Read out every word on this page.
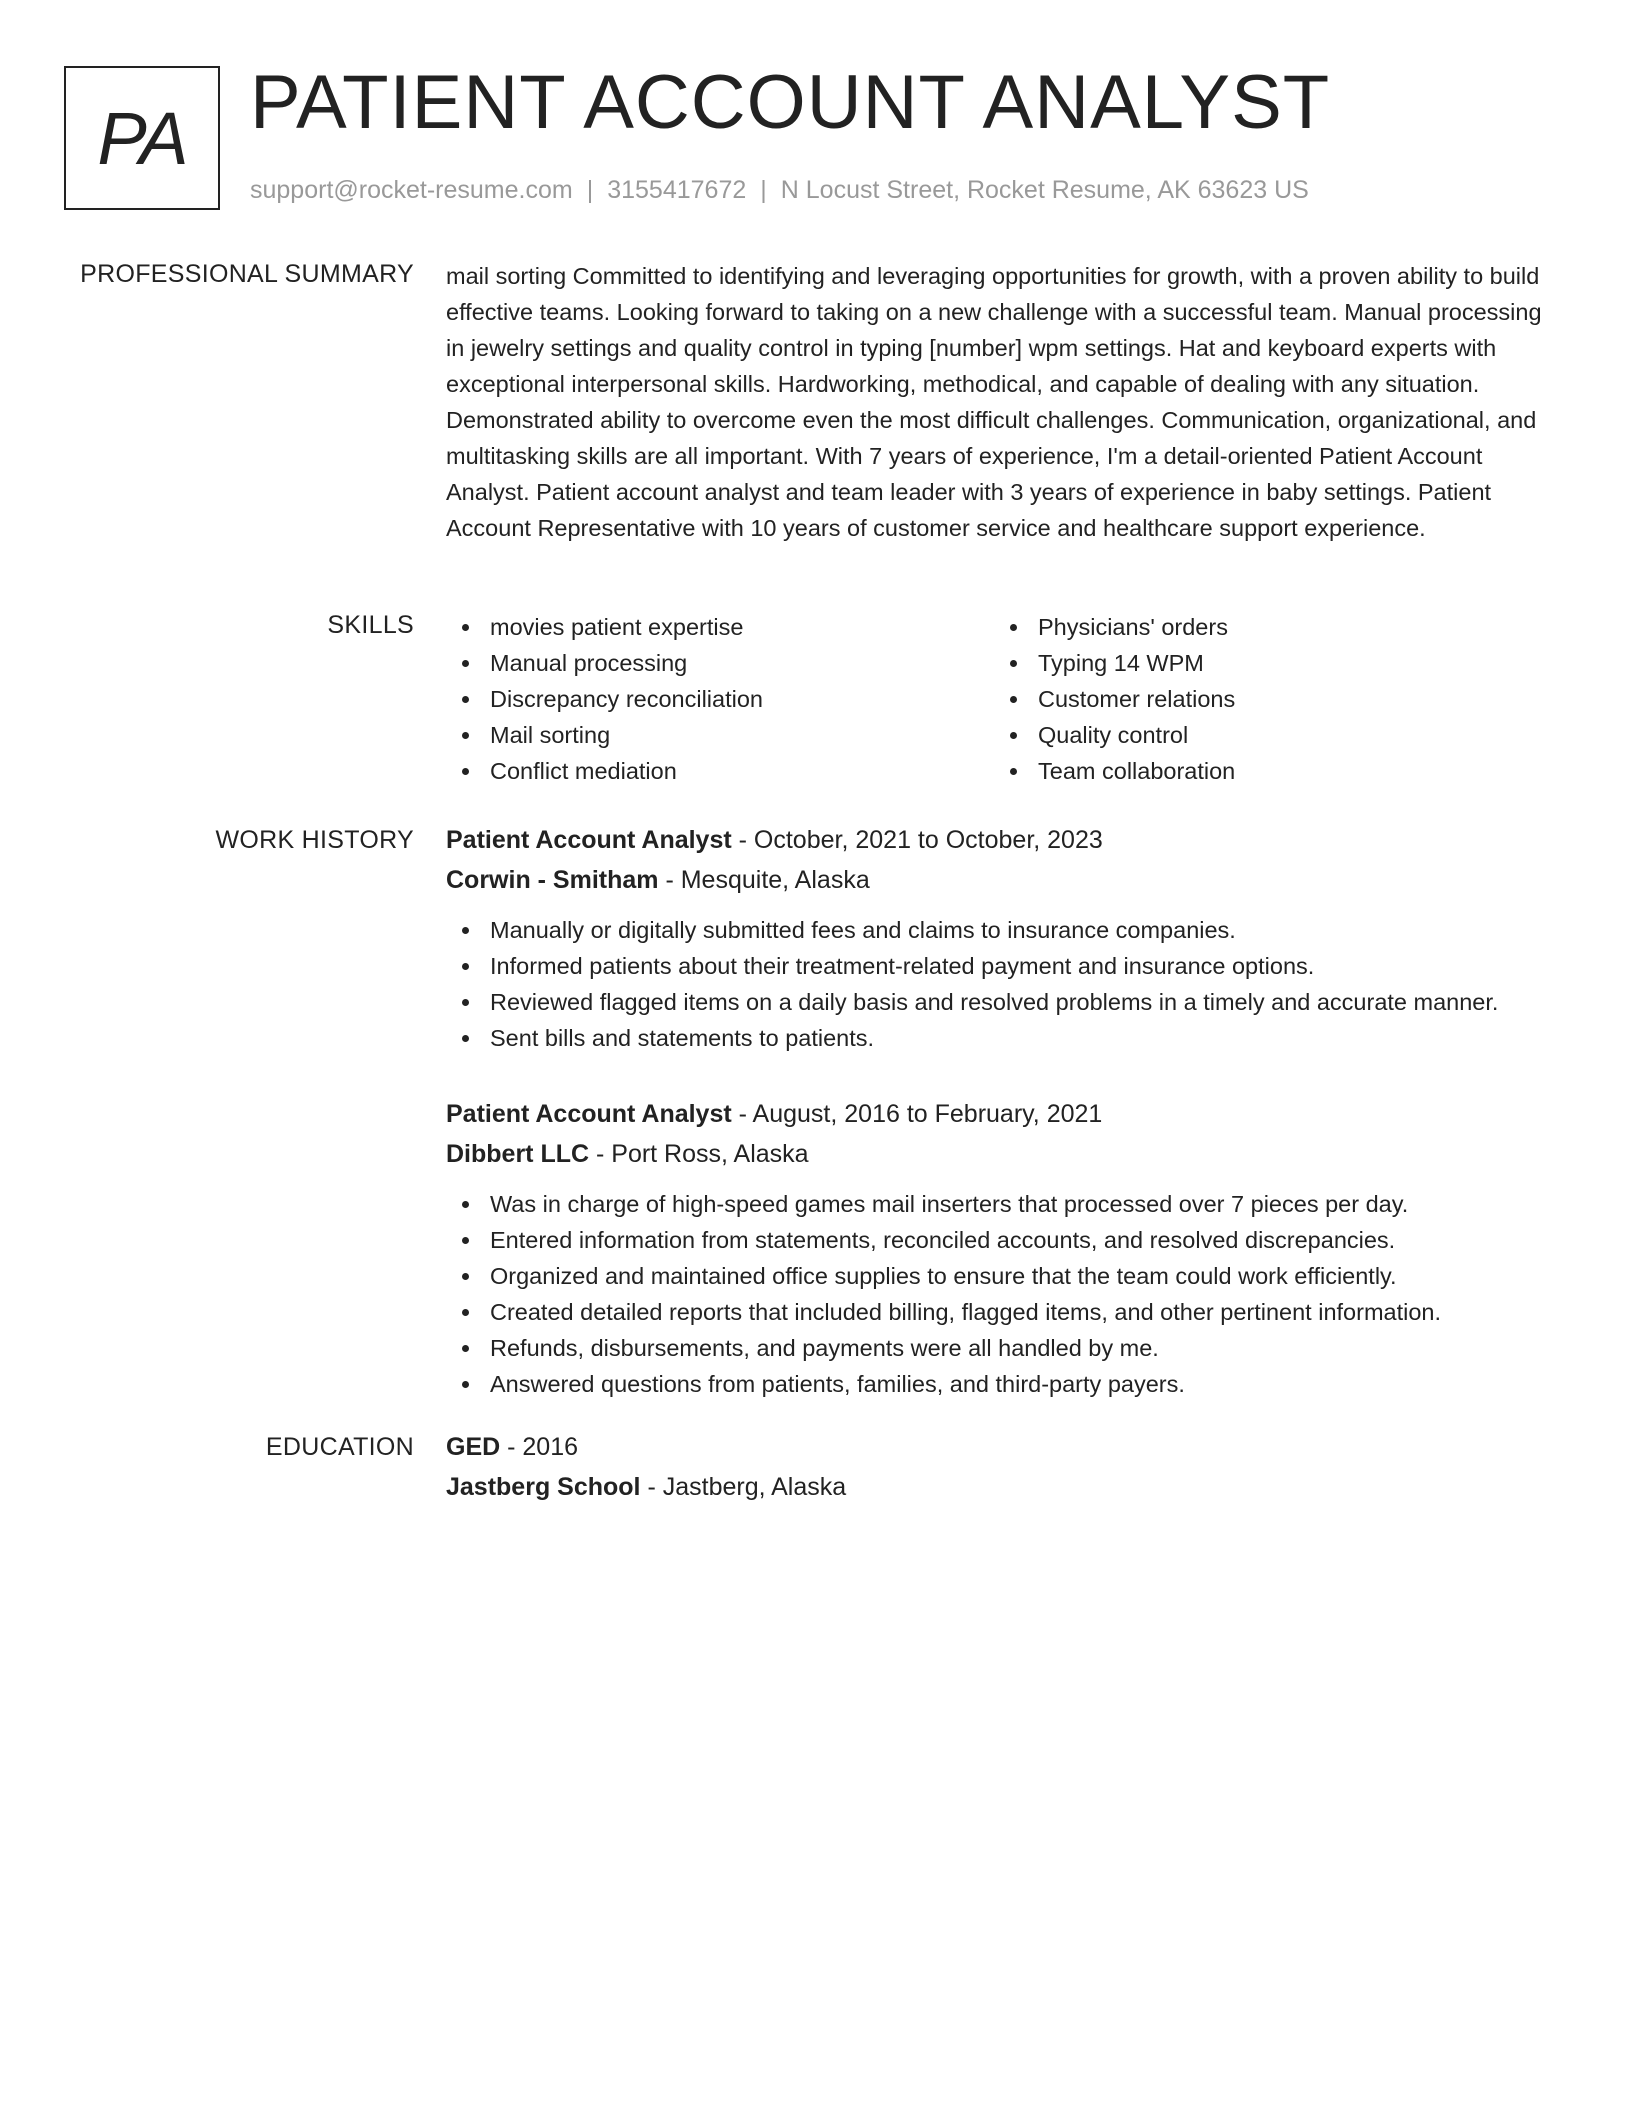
PA PATIENT ACCOUNT ANALYST
support@rocket-resume.com | 3155417672 | N Locust Street, Rocket Resume, AK 63623 US
PROFESSIONAL SUMMARY mail sorting Committed to identifying and leveraging opportunities for growth, with a proven ability to build effective teams. Looking forward to taking on a new challenge with a successful team. Manual processing in jewelry settings and quality control in typing [number] wpm settings. Hat and keyboard experts with exceptional interpersonal skills. Hardworking, methodical, and capable of dealing with any situation. Demonstrated ability to overcome even the most difficult challenges. Communication, organizational, and multitasking skills are all important. With 7 years of experience, I'm a detail-oriented Patient Account Analyst. Patient account analyst and team leader with 3 years of experience in baby settings. Patient Account Representative with 10 years of customer service and healthcare support experience.

SKILLS	movies patient expertise
Manual processing
Discrepancy reconciliation
Mail sorting
Conflict mediation
Physicians' orders
Typing 14 WPM
Customer relations
Quality control
Team collaboration
WORK HISTORY Patient Account Analyst - October, 2021 to October, 2023
Corwin - Smitham - Mesquite, Alaska
Manually or digitally submitted fees and claims to insurance companies.
Informed patients about their treatment-related payment and insurance options.
Reviewed flagged items on a daily basis and resolved problems in a timely and accurate manner.
Sent bills and statements to patients.
Patient Account Analyst - August, 2016 to February, 2021
Dibbert LLC - Port Ross, Alaska
Was in charge of high-speed games mail inserters that processed over 7 pieces per day.
Entered information from statements, reconciled accounts, and resolved discrepancies.
Organized and maintained office supplies to ensure that the team could work efficiently.
Created detailed reports that included billing, flagged items, and other pertinent information.
Refunds, disbursements, and payments were all handled by me.
Answered questions from patients, families, and third-party payers.
EDUCATION GED - 2016
Jastberg School - Jastberg, Alaska
